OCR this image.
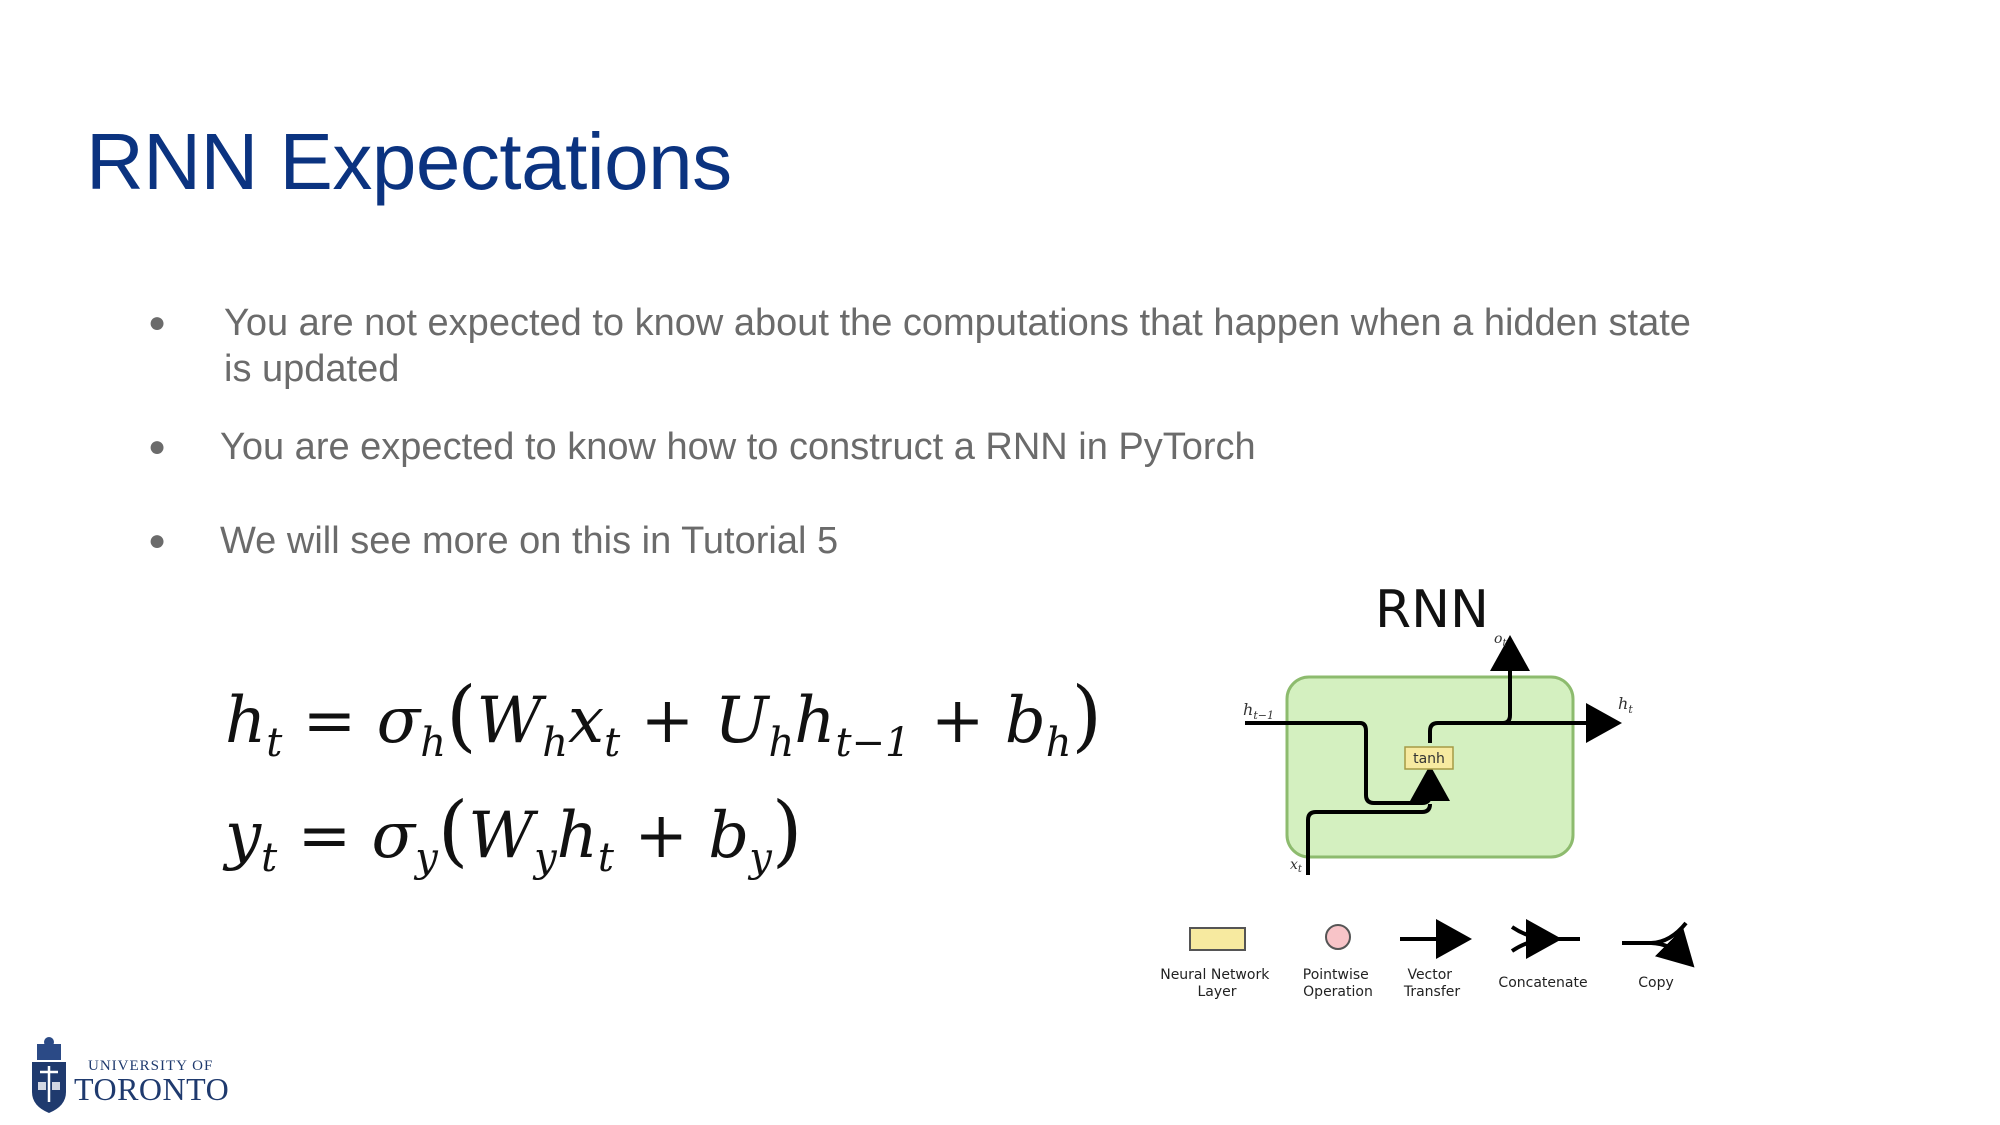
RNN Expectations
● You are not expected to know about the computations that happen when a hidden state
is updated
● You are expected to know how to construct a RNN in PyTorch
● We will see more on this in Tutorial 5
$h_t = \sigma_h(W_hx_t + U_hh_{t-1} + b_h)$
$y_t = \sigma_y(W_yh_t + b_y)$
RNN
tanh
$h_{t-1}$
$h_t$
$o_t$
$x_t$
Neural Network Layer
Pointwise Operation
Vector Transfer
Concatenate	Copy
UNIVERSITY OF
TORONTO
